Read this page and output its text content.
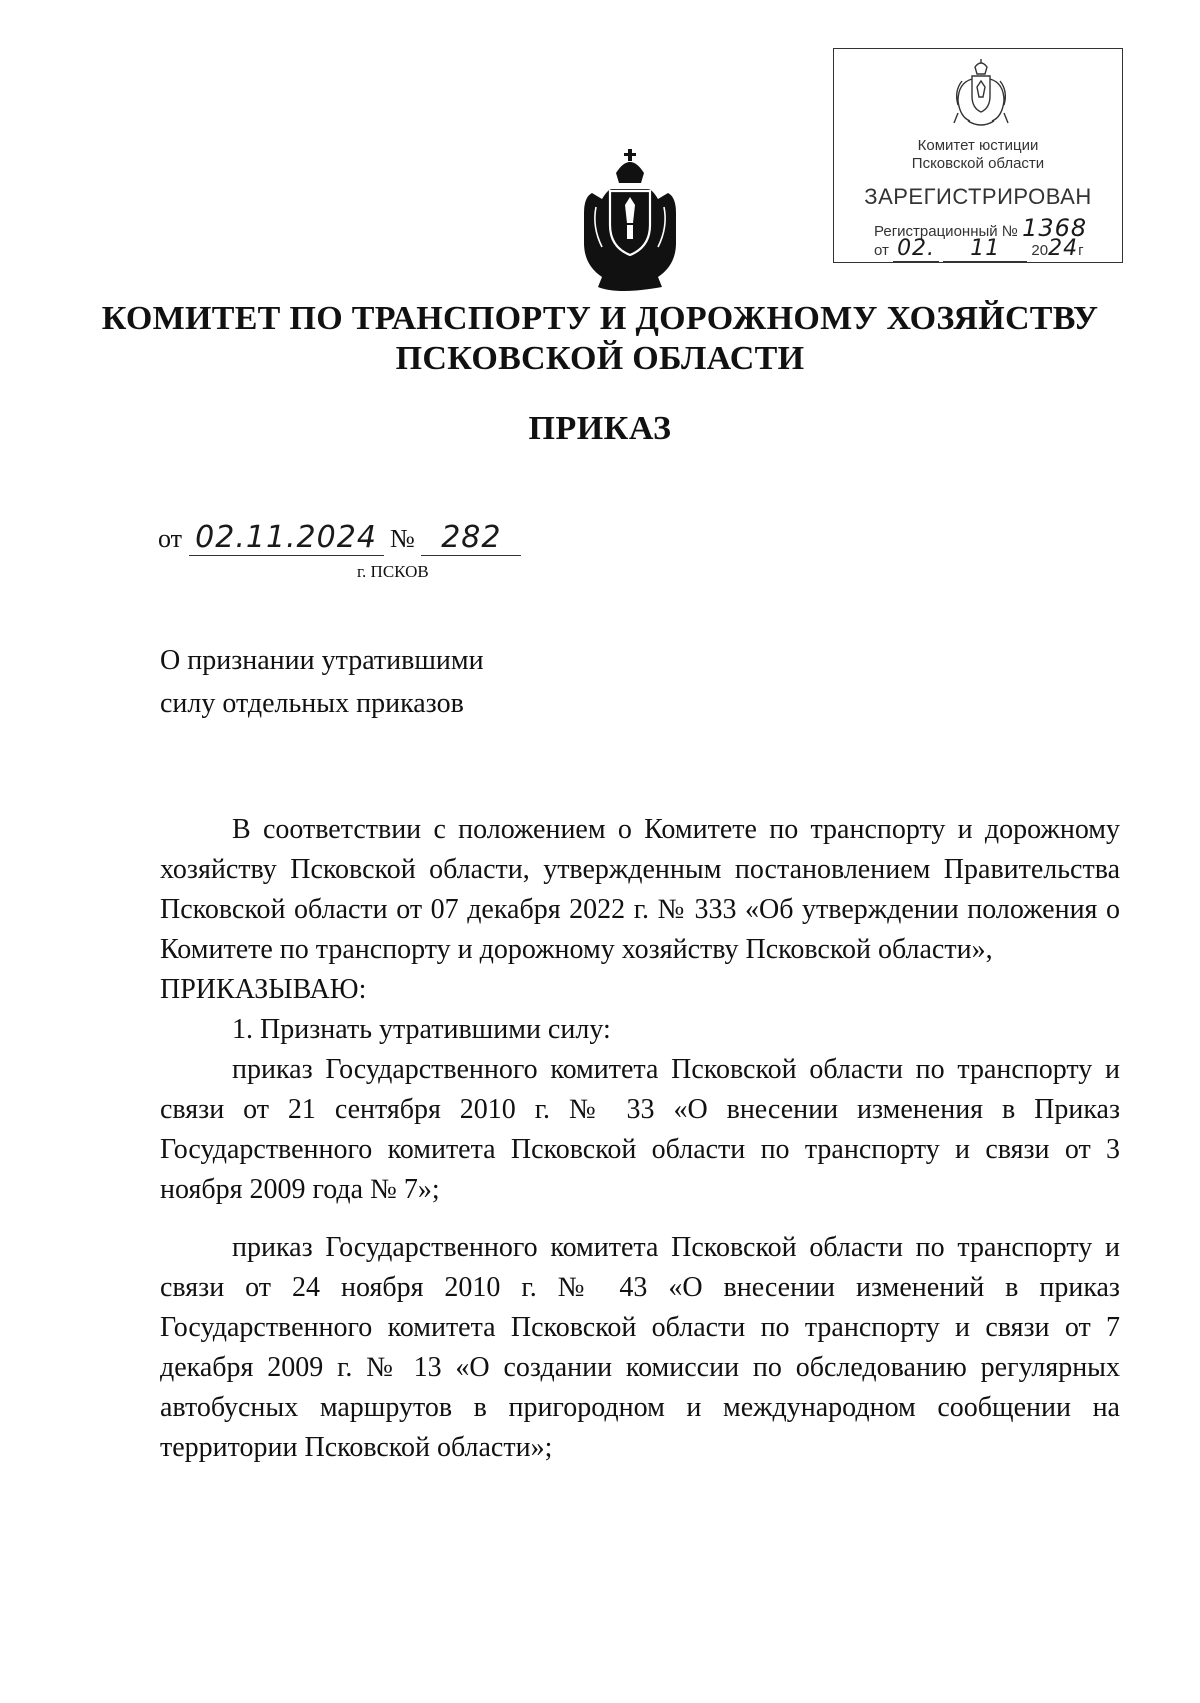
Комитет юстиции
Псковской области
ЗАРЕГИСТРИРОВАН
Регистрационный № 1368
от 02. 11 2024г
КОМИТЕТ ПО ТРАНСПОРТУ И ДОРОЖНОМУ ХОЗЯЙСТВУ
ПСКОВСКОЙ ОБЛАСТИ
ПРИКАЗ
от 02.11.2024 № 282
г. ПСКОВ
О признании утратившими
силу отдельных приказов

В соответствии с положением о Комитете по транспорту и дорожному хозяйству Псковской области, утвержденным постановлением Правительства Псковской области от 07 декабря 2022 г. № 333 «Об утверждении положения о Комитете по транспорту и дорожному хозяйству Псковской области»,

ПРИКАЗЫВАЮ:

1. Признать утратившими силу:

приказ Государственного комитета Псковской области по транспорту и связи от 21 сентября 2010 г. № 33 «О внесении изменения в Приказ Государственного комитета Псковской области по транспорту и связи от 3 ноября 2009 года № 7»;

приказ Государственного комитета Псковской области по транспорту и связи от 24 ноября 2010 г. № 43 «О внесении изменений в приказ Государственного комитета Псковской области по транспорту и связи от 7 декабря 2009 г. № 13 «О создании комиссии по обследованию регулярных автобусных маршрутов в пригородном и международном сообщении на территории Псковской области»;
